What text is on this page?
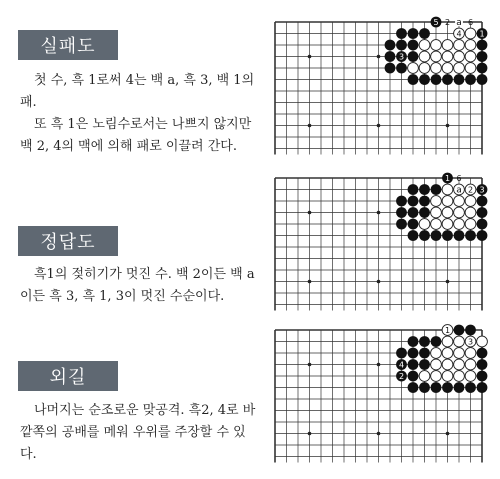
실패도

첫 수, 흑 1로써 4는 백 a, 흑 3, 백 1의 패.

또 흑 1은 노림수로서는 나쁘지 않지만 백 2, 4의 맥에 의해 패로 이끌려 간다.

정답도

흑1의 젖히기가 멋진 수. 백 2이든 백 a이든 흑 3, 흑 1, 3이 멋진 수순이다.

외길

나머지는 순조로운 맞공격. 흑2, 4로 바깥쪽의 공배를 메워 우위를 주장할 수 있다.

5 2 a 6
4 1
3
1 6
a 2 3
1
3
4
2
